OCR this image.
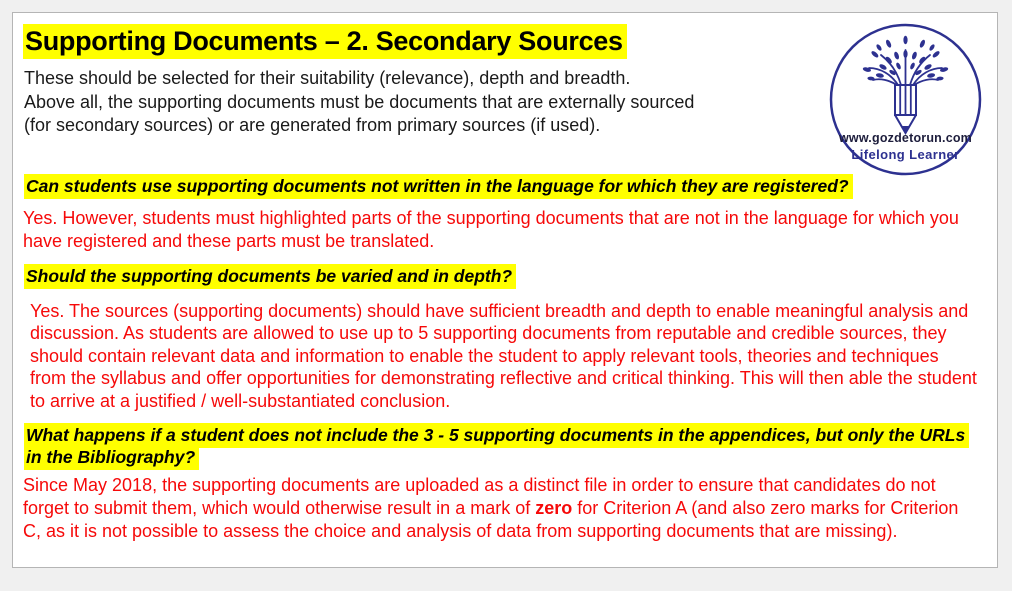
Supporting Documents – 2. Secondary Sources

These should be selected for their suitability (relevance), depth and breadth.
Above all, the supporting documents must be documents that are externally sourced
(for secondary sources) or are generated from primary sources (if used).

Can students use supporting documents not written in the language for which they are registered?

Yes. However, students must highlighted parts of the supporting documents that are not in the language for which you have registered and these parts must be translated.

Should the supporting documents be varied and in depth?

Yes. The sources (supporting documents) should have sufficient breadth and depth to enable meaningful analysis and discussion. As students are allowed to use up to 5 supporting documents from reputable and credible sources, they should contain relevant data and information to enable the student to apply relevant tools, theories and techniques from the syllabus and offer opportunities for demonstrating reflective and critical thinking. This will then able the student to arrive at a justified / well-substantiated conclusion.

What happens if a student does not include the 3 - 5 supporting documents in the appendices, but only the URLs in the Bibliography?

Since May 2018, the supporting documents are uploaded as a distinct file in order to ensure that candidates do not forget to submit them, which would otherwise result in a mark of zero for Criterion A (and also zero marks for Criterion C, as it is not possible to assess the choice and analysis of data from supporting documents that are missing).

www.gozdetorun.com
Lifelong Learner
